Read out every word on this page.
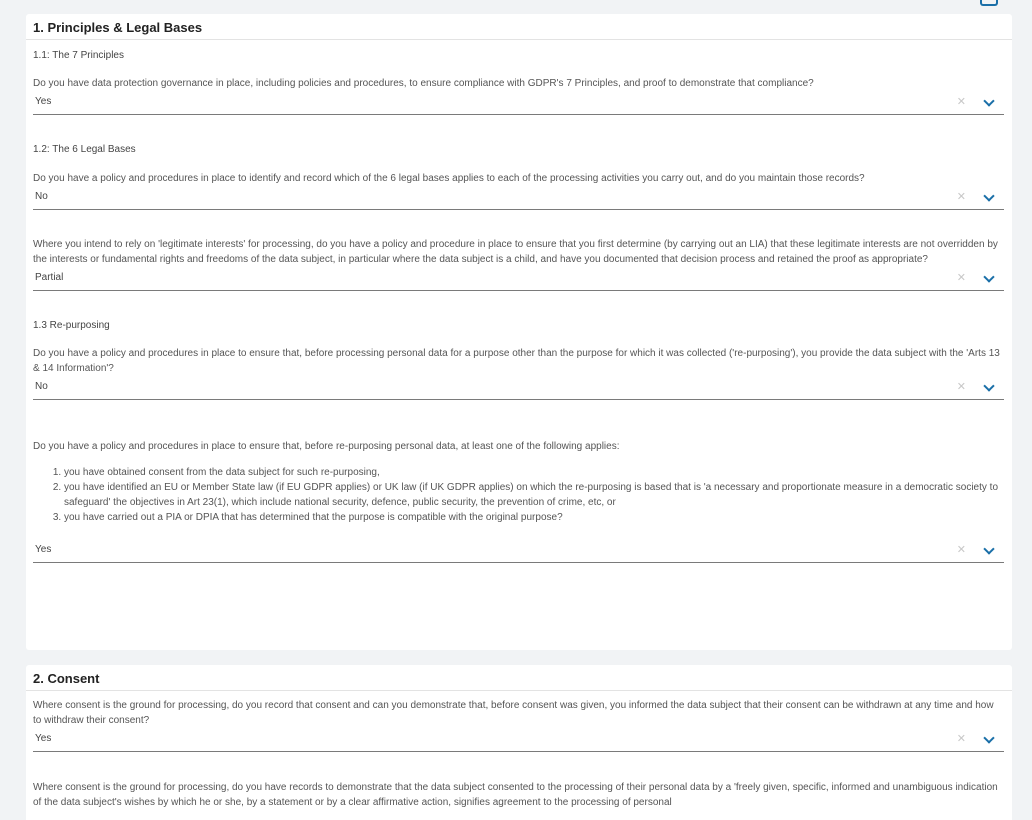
1. Principles & Legal Bases

1.1: The 7 Principles

Do you have data protection governance in place, including policies and procedures, to ensure compliance with GDPR's 7 Principles, and proof to demonstrate that compliance?

Yes	✕

1.2: The 6 Legal Bases

Do you have a policy and procedures in place to identify and record which of the 6 legal bases applies to each of the processing activities you carry out, and do you maintain those records?

No	✕

Where you intend to rely on 'legitimate interests' for processing, do you have a policy and procedure in place to ensure that you first determine (by carrying out an LIA) that these legitimate interests are not overridden by the interests or fundamental rights and freedoms of the data subject, in particular where the data subject is a child, and have you documented that decision process and retained the proof as appropriate?

Partial	✕

1.3 Re-purposing

Do you have a policy and procedures in place to ensure that, before processing personal data for a purpose other than the purpose for which it was collected ('re-purposing'), you provide the data subject with the 'Arts 13 & 14 Information'?

No	✕

Do you have a policy and procedures in place to ensure that, before re-purposing personal data, at least one of the following applies:

1. you have obtained consent from the data subject for such re-purposing,
2. you have identified an EU or Member State law (if EU GDPR applies) or UK law (if UK GDPR applies) on which the re-purposing is based that is 'a necessary and proportionate measure in a democratic society to safeguard' the objectives in Art 23(1), which include national security, defence, public security, the prevention of crime, etc, or
3. you have carried out a PIA or DPIA that has determined that the purpose is compatible with the original purpose?
Yes	✕
2. Consent

Where consent is the ground for processing, do you record that consent and can you demonstrate that, before consent was given, you informed the data subject that their consent can be withdrawn at any time and how to withdraw their consent?

Yes	✕

Where consent is the ground for processing, do you have records to demonstrate that the data subject consented to the processing of their personal data by a 'freely given, specific, informed and unambiguous indication of the data subject's wishes by which he or she, by a statement or by a clear affirmative action, signifies agreement to the processing of personal
